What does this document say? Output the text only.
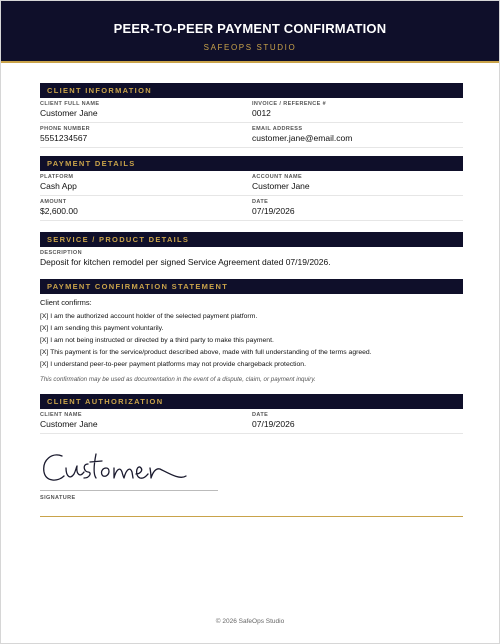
PEER-TO-PEER PAYMENT CONFIRMATION
SAFEOPS STUDIO
CLIENT INFORMATION
CLIENT FULL NAME
Customer Jane
INVOICE / REFERENCE #
0012
PHONE NUMBER
5551234567
EMAIL ADDRESS
customer.jane@email.com
PAYMENT DETAILS
PLATFORM
Cash App
ACCOUNT NAME
Customer Jane
AMOUNT
$2,600.00
DATE
07/19/2026
SERVICE / PRODUCT DETAILS
DESCRIPTION
Deposit for kitchen remodel per signed Service Agreement dated 07/19/2026.
PAYMENT CONFIRMATION STATEMENT
Client confirms:
[X] I am the authorized account holder of the selected payment platform.
[X] I am sending this payment voluntarily.
[X] I am not being instructed or directed by a third party to make this payment.
[X] This payment is for the service/product described above, made with full understanding of the terms agreed.
[X] I understand peer-to-peer payment platforms may not provide chargeback protection.
This confirmation may be used as documentation in the event of a dispute, claim, or payment inquiry.
CLIENT AUTHORIZATION
CLIENT NAME
Customer Jane
DATE
07/19/2026
SIGNATURE
© 2026 SafeOps Studio
